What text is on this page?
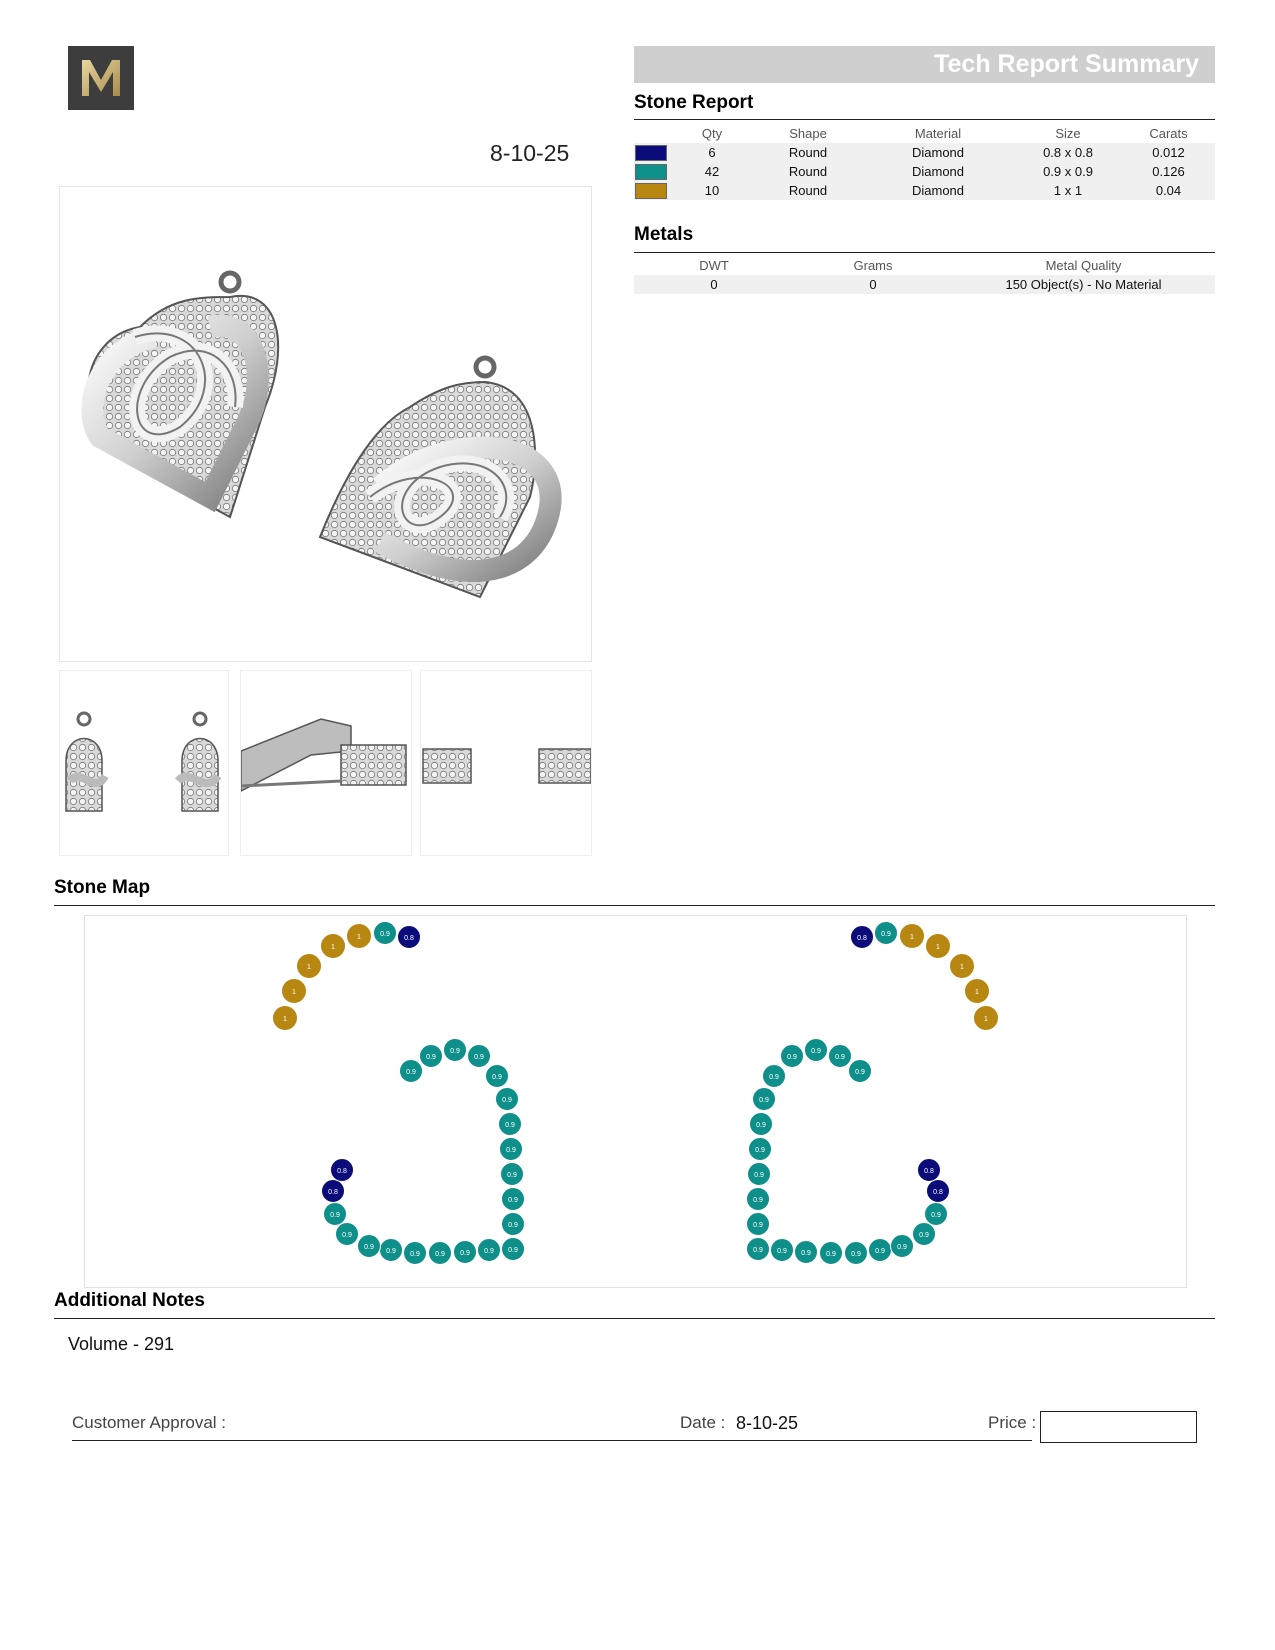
8-10-25
Tech Report Summary
Stone Report
	Qty	Shape	Material	Size	Carats
	6	Round	Diamond	0.8 x 0.8	0.012
	42	Round	Diamond	0.9 x 0.9	0.126
	10	Round	Diamond	1 x 1	0.04
Metals
DWT	Grams	Metal Quality
0	0	150 Object(s) - No Material
Stone Map
1
1
1
1
1	0.9
0.8
0.9
0.9
0.9
0.9
0.9
0.9
0.9
0.9
0.9
0.9
0.9
0.9
0.9
0.9
0.9
0.9
0.9
0.9
0.9
0.9
0.8
0.8
1
1
1
1
1
0.9
0.8
0.9
0.9
0.9
0.9
0.9
0.9
0.9
0.9
0.9
0.9
0.9
0.9 0.9 0.9 0.9 0.9 0.9
0.9
0.9
0.9
0.8
0.8
Additional Notes
Volume - 291
Customer Approval :	Date : 8-10-25	Price :
